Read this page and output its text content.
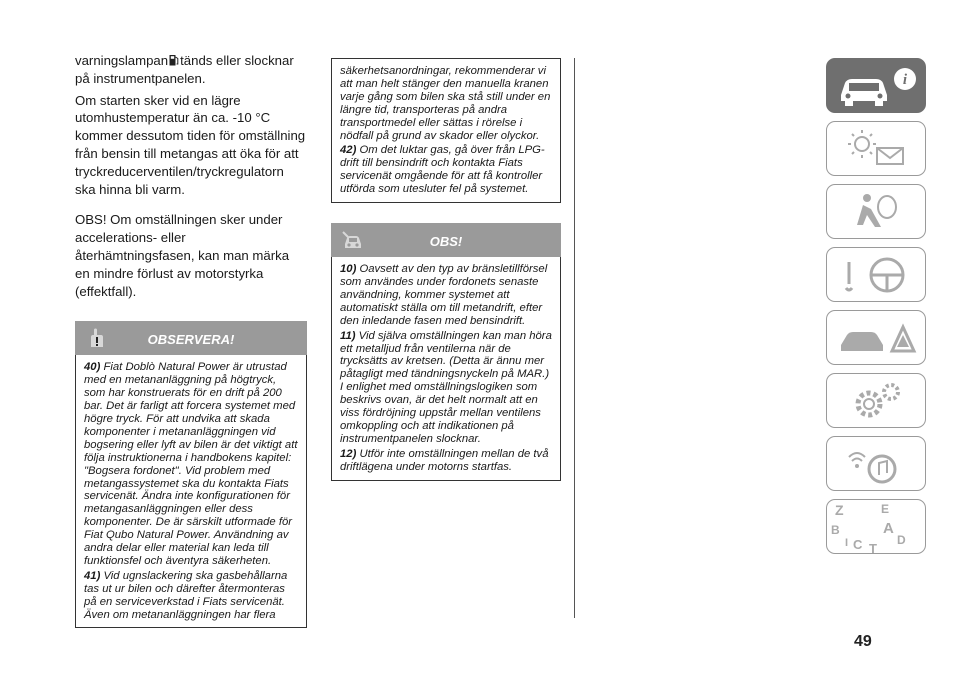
varningslampan tänds eller slocknar på instrumentpanelen.

Om starten sker vid en lägre utomhustemperatur än ca. -10 °C kommer dessutom tiden för omställning från bensin till metangas att öka för att tryckreducerventilen/tryckregulatorn ska hinna bli varm.

OBS! Om omställningen sker under accelerations- eller återhämtningsfasen, kan man märka en mindre förlust av motorstyrka (effektfall).

OBSERVERA!

40) Fiat Doblò Natural Power är utrustad med en metananläggning på högtryck, som har konstruerats för en drift på 200 bar. Det är farligt att forcera systemet med högre tryck. För att undvika att skada komponenter i metananläggningen vid bogsering eller lyft av bilen är det viktigt att följa instruktionerna i handbokens kapitel: "Bogsera fordonet". Vid problem med metangassystemet ska du kontakta Fiats servicenät. Ändra inte konfigurationen för metangasanläggningen eller dess komponenter. De är särskilt utformade för Fiat Qubo Natural Power. Användning av andra delar eller material kan leda till funktionsfel och äventyra säkerheten.

41) Vid ugnslackering ska gasbehållarna tas ut ur bilen och därefter återmonteras på en serviceverkstad i Fiats servicenät. Även om metananläggningen har flera

säkerhetsanordningar, rekommenderar vi att man helt stänger den manuella kranen varje gång som bilen ska stå still under en längre tid, transporteras på andra transportmedel eller sättas i rörelse i nödfall på grund av skador eller olyckor.

42) Om det luktar gas, gå över från LPG-drift till bensindrift och kontakta Fiats servicenät omgående för att få kontroller utförda som utesluter fel på systemet.

OBS!

10) Oavsett av den typ av bränsletillförsel som användes under fordonets senaste användning, kommer systemet att automatiskt ställa om till metandrift, efter den inledande fasen med bensindrift.

11) Vid själva omställningen kan man höra ett metalljud från ventilerna när de trycksätts av kretsen. (Detta är ännu mer påtagligt med tändningsnyckeln på MAR.) I enlighet med omställningslogiken som beskrivs ovan, är det helt normalt att en viss fördröjning uppstår mellan ventilens omkoppling och att indikationen på instrumentpanelen slocknar.

12) Utför inte omställningen mellan de två driftlägena under motorns startfas.

i
Z	E
B	A
C	D
T
I
49
